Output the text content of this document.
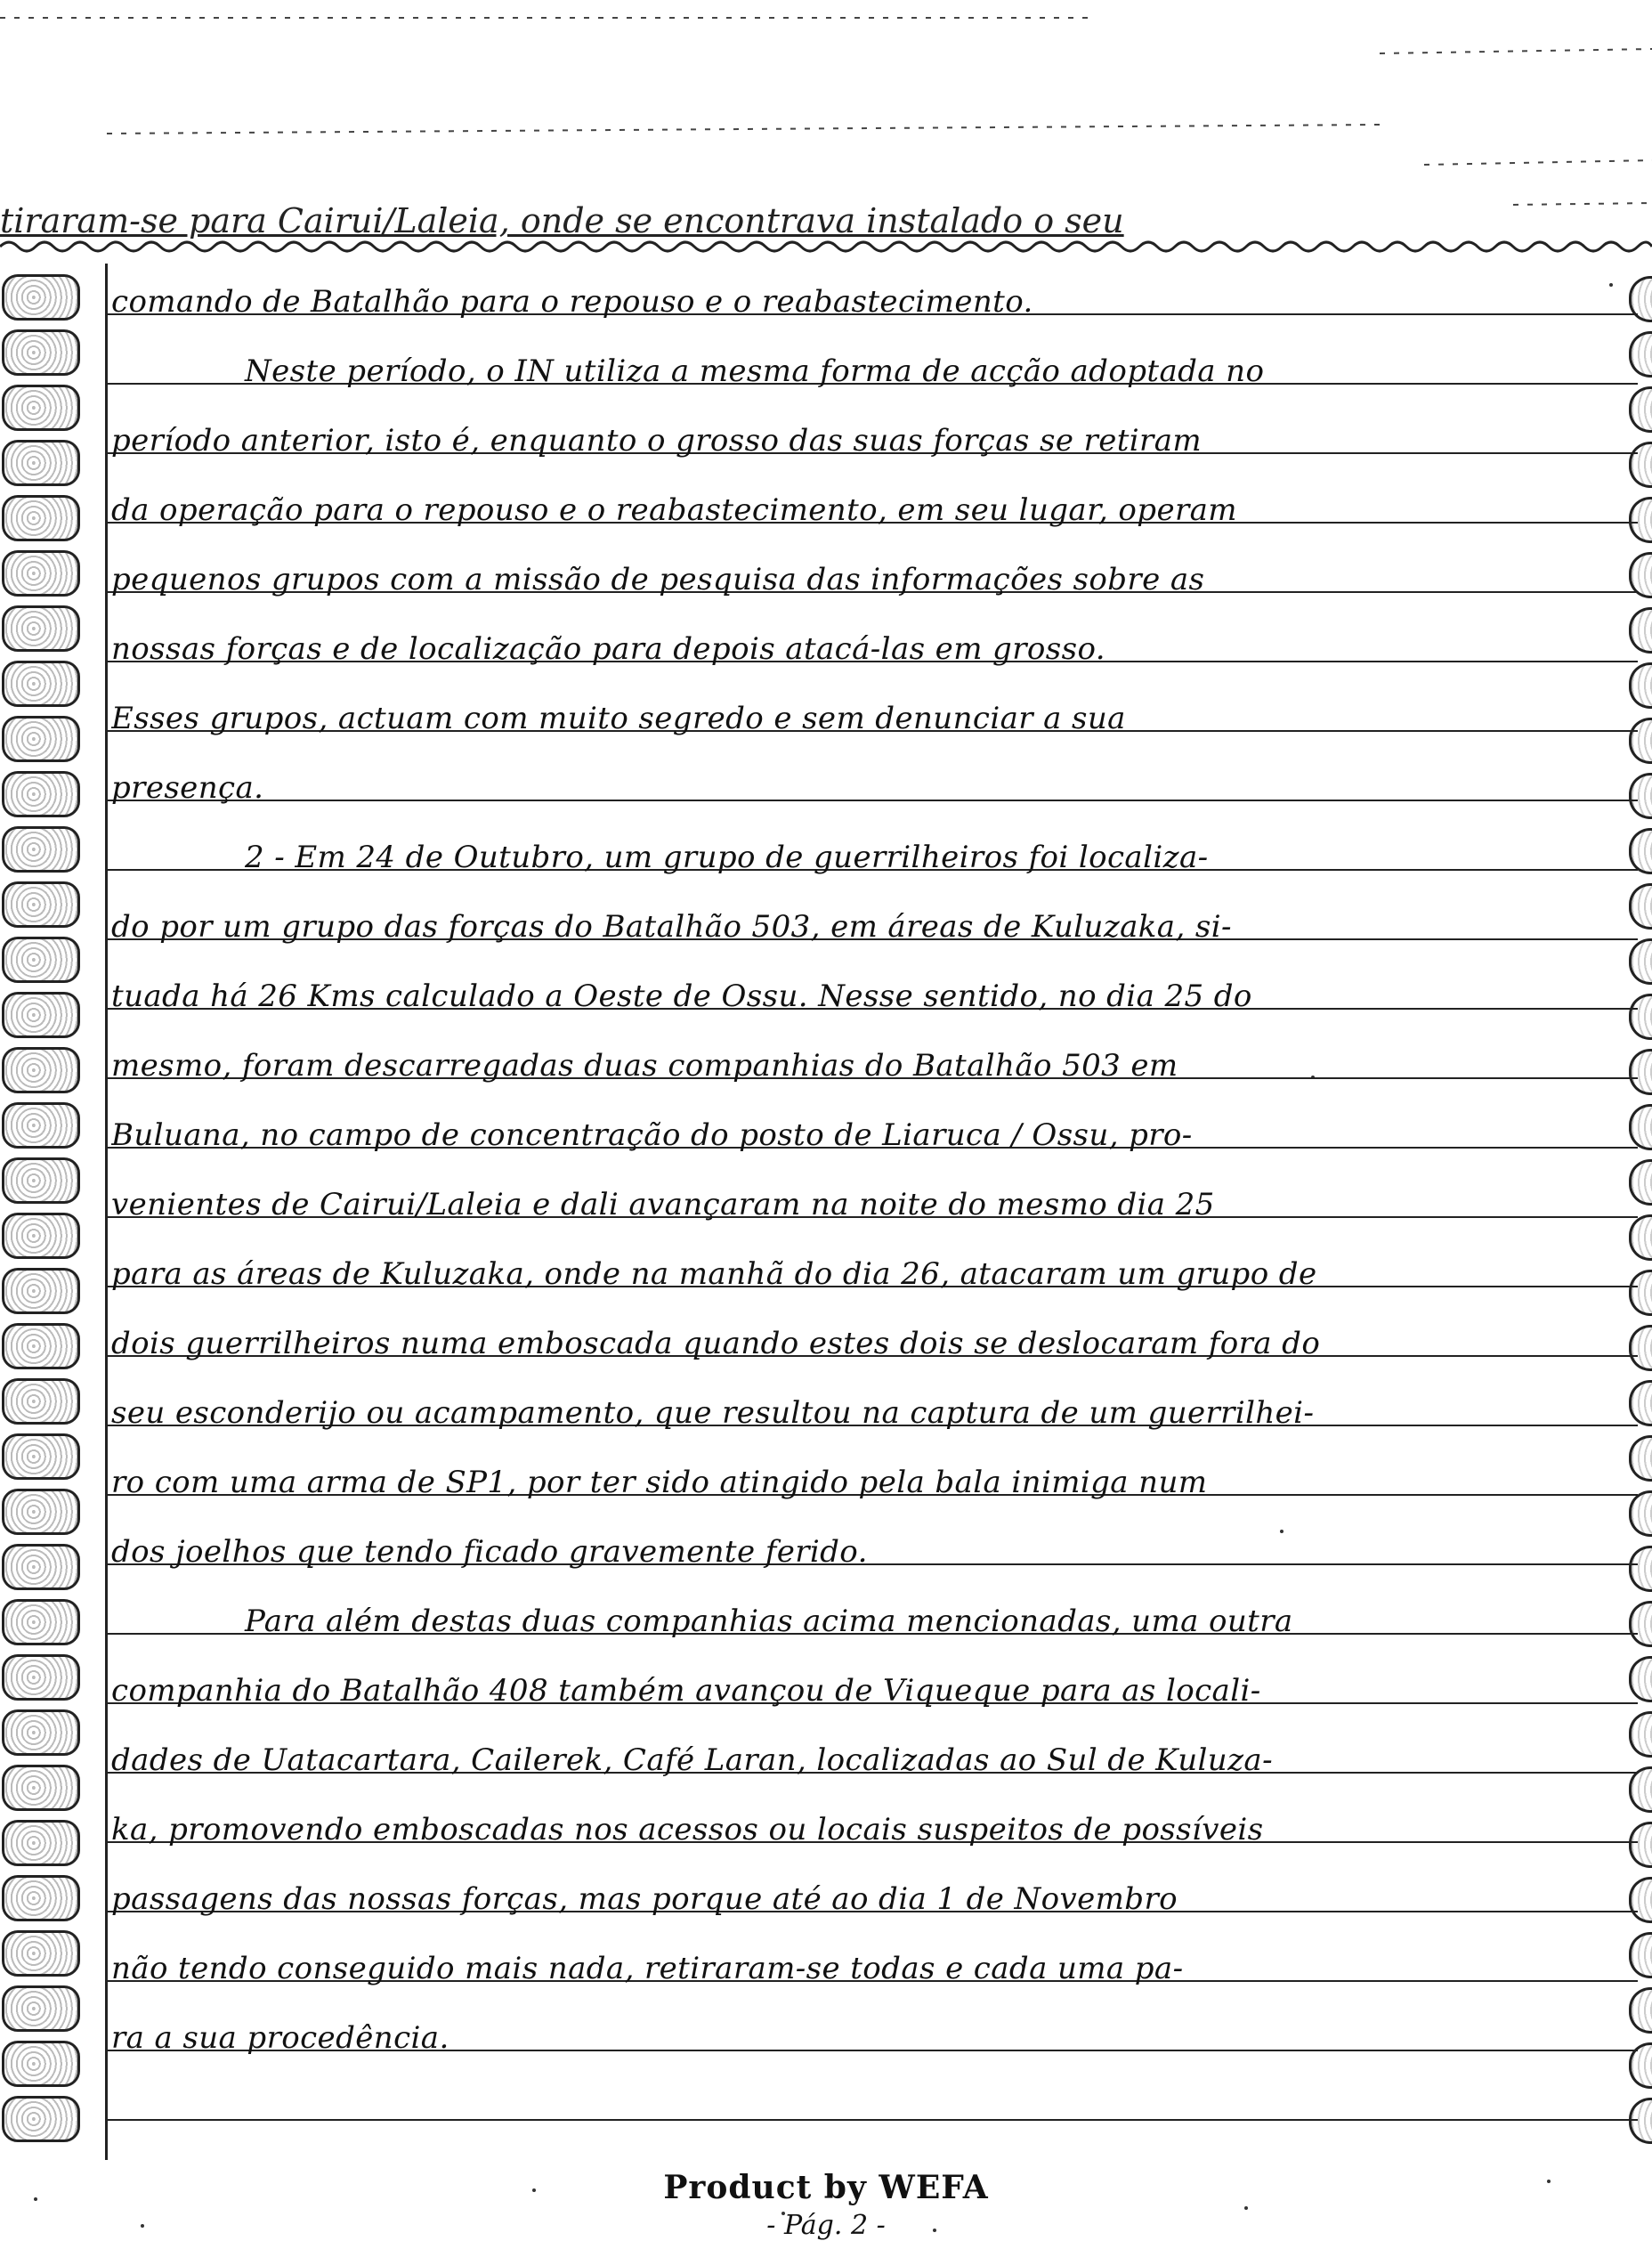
tiraram-se para Cairui/Laleia, onde se encontrava instalado o seu
comando de Batalhão para o repouso e o reabastecimento.
Neste período, o IN utiliza a mesma forma de acção adoptada no
período anterior, isto é, enquanto o grosso das suas forças se retiram
da operação para o repouso e o reabastecimento, em seu lugar, operam
pequenos grupos com a missão de pesquisa das informações sobre as
nossas forças e de localização para depois atacá-las em grosso.
Esses grupos, actuam com muito segredo e sem denunciar a sua
presença.
2 - Em 24 de Outubro, um grupo de guerrilheiros foi localiza-
do por um grupo das forças do Batalhão 503, em áreas de Kuluzaka, si-
tuada há 26 Kms calculado a Oeste de Ossu. Nesse sentido, no dia 25 do
mesmo, foram descarregadas duas companhias do Batalhão 503 em
Buluana, no campo de concentração do posto de Liaruca / Ossu, pro-
venientes de Cairui/Laleia e dali avançaram na noite do mesmo dia 25
para as áreas de Kuluzaka, onde na manhã do dia 26, atacaram um grupo de
dois guerrilheiros numa emboscada quando estes dois se deslocaram fora do
seu esconderijo ou acampamento, que resultou na captura de um guerrilhei-
ro com uma arma de SP1, por ter sido atingido pela bala inimiga num
dos joelhos que tendo ficado gravemente ferido.
Para além destas duas companhias acima mencionadas, uma outra
companhia do Batalhão 408 também avançou de Viqueque para as locali-
dades de Uatacartara, Cailerek, Café Laran, localizadas ao Sul de Kuluza-
ka, promovendo emboscadas nos acessos ou locais suspeitos de possíveis
passagens das nossas forças, mas porque até ao dia 1 de Novembro
não tendo conseguido mais nada, retiraram-se todas e cada uma pa-
ra a sua procedência.
Product by WEFA
- Pág. 2 -
